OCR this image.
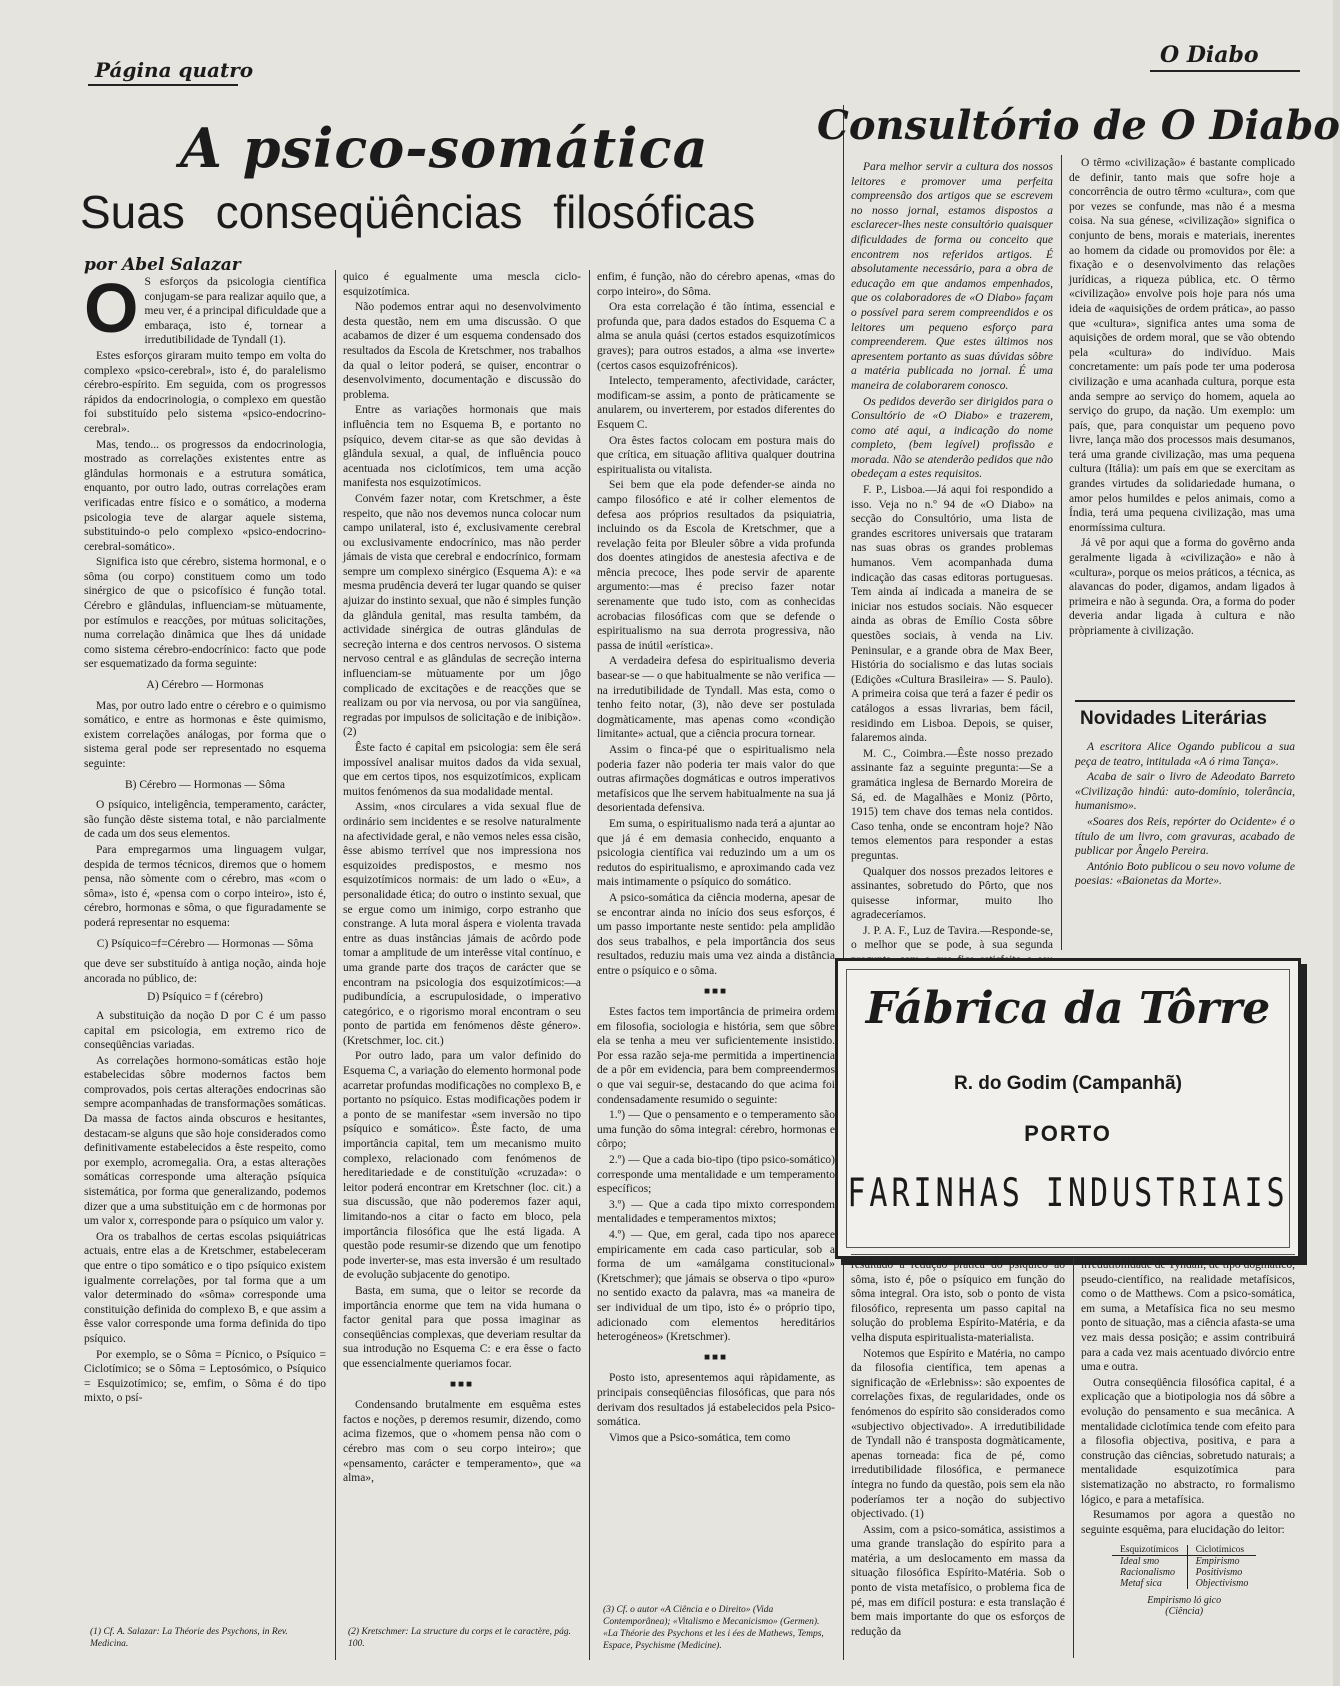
Página quatro
O Diabo
A psico-somática
Suas conseqüências filosóficas
por Abel Salazar
O S esforços da psicologia científica conjugam-se para realizar aquilo que, a meu ver, é a principal dificuldade que a embaraça, isto é, tornear a irredutibilidade de Tyndall (1).

Estes esforços giraram muito tempo em volta do complexo «psico-cerebral», isto é, do paralelismo cérebro-espírito. Em seguida, com os progressos rápidos da endocrinologia, o complexo em questão foi substituído pelo sistema «psico-endocrino-cerebral».

Mas, tendo... os progressos da endocrinologia, mostrado as correlações existentes entre as glândulas hormonais e a estrutura somática, enquanto, por outro lado, outras correlações eram verificadas entre físico e o somático, a moderna psicologia teve de alargar aquele sistema, substituindo-o pelo complexo «psico-endocrino-cerebral-somático».

Significa isto que cérebro, sistema hormonal, e o sôma (ou corpo) constituem como um todo sinérgico de que o psicofísico é função total. Cérebro e glândulas, influenciam-se mùtuamente, por estímulos e reacções, por mútuas solicitações, numa correlação dinâmica que lhes dá unidade como sistema cérebro-endocrínico: facto que pode ser esquematizado da forma seguinte:

A) Cérebro — Hormonas

Mas, por outro lado entre o cérebro e o quimismo somático, e entre as hormonas e êste quimismo, existem correlações análogas, por forma que o sistema geral pode ser representado no esquema seguinte:

B) Cérebro — Hormonas — Sôma

O psíquico, inteligência, temperamento, carácter, são função dêste sistema total, e não parcialmente de cada um dos seus elementos.

Para empregarmos uma linguagem vulgar, despida de termos técnicos, diremos que o homem pensa, não sòmente com o cérebro, mas «com o sôma», isto é, «pensa com o corpo inteiro», isto é, cérebro, hormonas e sôma, o que figuradamente se poderá representar no esquema:

C) Psíquico=f=Cérebro — Hormonas — Sôma

que deve ser substituído à antiga noção, ainda hoje ancorada no público, de:

D) Psíquico = f (cérebro)

A substituição da noção D por C é um passo capital em psicologia, em extremo rico de conseqüências variadas.

As correlações hormono-somáticas estão hoje estabelecidas sôbre modernos factos bem comprovados, pois certas alterações endocrinas são sempre acompanhadas de transformações somáticas. Da massa de factos ainda obscuros e hesitantes, destacam-se alguns que são hoje considerados como definitivamente estabelecidos a êste respeito, como por exemplo, acromegalia. Ora, a estas alterações somáticas corresponde uma alteração psíquica sistemática, por forma que generalizando, podemos dizer que a uma substituição em c de hormonas por um valor x, corresponde para o psíquico um valor y.

Ora os trabalhos de certas escolas psiquiátricas actuais, entre elas a de Kretschmer, estabeleceram que entre o tipo somático e o tipo psíquico existem igualmente correlações, por tal forma que a um valor determinado do «sôma» corresponde uma constituição definida do complexo B, e que assim a êsse valor corresponde uma forma definida do tipo psíquico.

Por exemplo, se o Sôma = Pícnico, o Psíquico = Ciclotímico; se o Sôma = Leptosómico, o Psíquico = Esquizotímico; se, emfim, o Sôma é do tipo mixto, o psí-

(1) Cf. A. Salazar: La Théorie des Psychons, in Rev. Medicina.

quico é egualmente uma mescla ciclo-esquizotímica.

Não podemos entrar aqui no desenvolvimento desta questão, nem em uma discussão. O que acabamos de dizer é um esquema condensado dos resultados da Escola de Kretschmer, nos trabalhos da qual o leitor poderá, se quiser, encontrar o desenvolvimento, documentação e discussão do problema.

Entre as variações hormonais que mais influência tem no Esquema B, e portanto no psíquico, devem citar-se as que são devidas à glândula sexual, a qual, de influência pouco acentuada nos ciclotímicos, tem uma acção manifesta nos esquizotímicos.

Convém fazer notar, com Kretschmer, a êste respeito, que não nos devemos nunca colocar num campo unilateral, isto é, exclusivamente cerebral ou exclusivamente endocrínico, mas não perder jámais de vista que cerebral e endocrínico, formam sempre um complexo sinérgico (Esquema A): e «a mesma prudência deverá ter lugar quando se quiser ajuizar do instinto sexual, que não é simples função da glândula genital, mas resulta também, da actividade sinérgica de outras glândulas de secreção interna e dos centros nervosos. O sistema nervoso central e as glândulas de secreção interna influenciam-se mùtuamente por um jôgo complicado de excitações e de reacções que se realizam ou por via nervosa, ou por via sangüínea, regradas por impulsos de solicitação e de inibição». (2)

Êste facto é capital em psicologia: sem êle será impossível analisar muitos dados da vida sexual, que em certos tipos, nos esquizotímicos, explicam muitos fenómenos da sua modalidade mental.

Assim, «nos circulares a vida sexual flue de ordinário sem incidentes e se resolve naturalmente na afectividade geral, e não vemos neles essa cisão, êsse abismo terrível que nos impressiona nos esquizoides predispostos, e mesmo nos esquizotímicos normais: de um lado o «Eu», a personalidade ética; do outro o instinto sexual, que se ergue como um inimigo, corpo estranho que constrange. A luta moral áspera e violenta travada entre as duas instâncias jámais de acôrdo pode tomar a amplitude de um interêsse vital contínuo, e uma grande parte dos traços de carácter que se encontram na psicologia dos esquizotímicos:—a pudibundícia, a escrupulosidade, o imperativo categórico, e o rigorismo moral encontram o seu ponto de partida em fenómenos dêste género». (Kretschmer, loc. cit.)

Por outro lado, para um valor definido do Esquema C, a variação do elemento hormonal pode acarretar profundas modificações no complexo B, e portanto no psíquico. Estas modificações podem ir a ponto de se manifestar «sem inversão no tipo psíquico e somático». Êste facto, de uma importância capital, tem um mecanismo muito complexo, relacionado com fenómenos de hereditariedade e de constituïção «cruzada»: o leitor poderá encontrar em Kretschner (loc. cit.) a sua discussão, que não poderemos fazer aqui, limitando-nos a citar o facto em bloco, pela importância filosófica que lhe está ligada. A questão pode resumir-se dizendo que um fenotipo pode inverter-se, mas esta inversão é um resultado de evolução subjacente do genotipo.

Basta, em suma, que o leitor se recorde da importância enorme que tem na vida humana o factor genital para que possa imaginar as conseqüências complexas, que deveriam resultar da sua introdução no Esquema C: e era êsse o facto que essencialmente queriamos focar.

■■■

Condensando brutalmente em esquêma estes factos e noções, p deremos resumir, dizendo, como acima fizemos, que o «homem pensa não com o cérebro mas com o seu corpo inteiro»; que «pensamento, carácter e temperamento», que «a alma»,

(2) Kretschmer: La structure du corps et le caractère, pág. 100.

enfim, é função, não do cérebro apenas, «mas do corpo inteiro», do Sôma.

Ora esta correlação é tão íntima, essencial e profunda que, para dados estados do Esquema C a alma se anula quási (certos estados esquizotímicos graves); para outros estados, a alma «se inverte» (certos casos esquizofrénicos).

Intelecto, temperamento, afectividade, carácter, modificam-se assim, a ponto de pràticamente se anularem, ou inverterem, por estados diferentes do Esquem C.

Ora êstes factos colocam em postura mais do que crítica, em situação aflitiva qualquer doutrina espiritualista ou vitalista.

Sei bem que ela pode defender-se ainda no campo filosófico e até ir colher elementos de defesa aos próprios resultados da psiquiatria, incluindo os da Escola de Kretschmer, que a revelação feita por Bleuler sôbre a vida profunda dos doentes atingidos de anestesia afectiva e de mência precoce, lhes pode servir de aparente argumento:—mas é preciso fazer notar serenamente que tudo isto, com as conhecidas acrobacias filosóficas com que se defende o espiritualismo na sua derrota progressiva, não passa de inútil «erística».

A verdadeira defesa do espiritualismo deveria basear-se — o que habitualmente se não verifica — na irredutibilidade de Tyndall. Mas esta, como o tenho feito notar, (3), não deve ser postulada dogmàticamente, mas apenas como «condição limitante» actual, que a ciência procura tornear.

Assim o finca-pé que o espiritualismo nela poderia fazer não poderia ter mais valor do que outras afirmações dogmáticas e outros imperativos metafísicos que lhe servem habitualmente na sua já desorientada defensiva.

Em suma, o espiritualismo nada terá a ajuntar ao que já é em demasia conhecido, enquanto a psicologia científica vai reduzindo um a um os redutos do espiritualismo, e aproximando cada vez mais intimamente o psíquico do somático.

A psico-somática da ciência moderna, apesar de se encontrar ainda no início dos seus esforços, é um passo importante neste sentido: pela amplidão dos seus trabalhos, e pela importância dos seus resultados, reduziu mais uma vez ainda a distância entre o psíquico e o sôma.

■■■

Estes factos tem importância de primeira ordem em filosofia, sociologia e história, sem que sôbre ela se tenha a meu ver suficientemente insistido. Por essa razão seja-me permitida a impertinencia de a pôr em evidencia, para bem compreendermos o que vai seguir-se, destacando do que acima foi condensadamente resumido o seguinte:

1.º) — Que o pensamento e o temperamento são uma função do sôma integral: cérebro, hormonas e côrpo;

2.º) — Que a cada bio-tipo (tipo psico-somático) corresponde uma mentalidade e um temperamento específicos;

3.º) — Que a cada tipo mixto correspondem mentalidades e temperamentos mixtos;

4.º) — Que, em geral, cada tipo nos aparece empiricamente em cada caso particular, sob a forma de um «amálgama constitucional» (Kretschmer); que jámais se observa o tipo «puro» no sentido exacto da palavra, mas «a maneira de ser individual de um tipo, isto é» o próprio tipo, adicionado com elementos hereditários heterogéneos» (Kretschmer).

■■■

Posto isto, apresentemos aqui ràpidamente, as principais conseqüências filosóficas, que para nós derivam dos resultados já estabelecidos pela Psico-somática.

Vimos que a Psico-somática, tem como

(3) Cf. o autor «A Ciência e o Direito» (Vida Contemporânea); «Vitalismo e Mecanicismo» (Germen). «La Théorie des Psychons et les i ées de Mathews, Temps, Espace, Psychisme (Medicine).
Consultório de O Diabo

Para melhor servir a cultura dos nossos leitores e promover uma perfeita compreensão dos artigos que se escrevem no nosso jornal, estamos dispostos a esclarecer-lhes neste consultório quaisquer dificuldades de forma ou conceito que encontrem nos referidos artigos. É absolutamente necessário, para a obra de educação em que andamos empenhados, que os colaboradores de «O Diabo» façam o possível para serem compreendidos e os leitores um pequeno esforço para compreenderem. Que estes últimos nos apresentem portanto as suas dúvidas sôbre a matéria publicada no jornal. É uma maneira de colaborarem conosco.

Os pedidos deverão ser dirigidos para o Consultório de «O Diabo» e trazerem, como até aqui, a indicação do nome completo, (bem legível) profissão e morada. Não se atenderão pedidos que não obedeçam a estes requisitos.

F. P., Lisboa.—Já aqui foi respondido a isso. Veja no n.º 94 de «O Diabo» na secção do Consultório, uma lista de grandes escritores universais que trataram nas suas obras os grandes problemas humanos. Vem acompanhada duma indicação das casas editoras portuguesas. Tem ainda aí indicada a maneira de se iniciar nos estudos sociais. Não esquecer ainda as obras de Emílio Costa sôbre questões sociais, à venda na Liv. Peninsular, e a grande obra de Max Beer, História do socialismo e das lutas sociais (Edições «Cultura Brasileira» — S. Paulo). A primeira coisa que terá a fazer é pedir os catálogos a essas livrarias, bem fácil, residindo em Lisboa. Depois, se quiser, falaremos ainda.

M. C., Coimbra.—Êste nosso prezado assinante faz a seguinte pregunta:—Se a gramática inglesa de Bernardo Moreira de Sá, ed. de Magalhães e Moniz (Pôrto, 1915) tem chave dos temas nela contidos. Caso tenha, onde se encontram hoje? Não temos elementos para responder a estas preguntas.

Qualquer dos nossos prezados leitores e assinantes, sobretudo do Pôrto, que nos quisesse informar, muito lho agradeceríamos.

J. P. A. F., Luz de Tavira.—Responde-se, o melhor que se pode, à sua segunda

O têrmo «civilização» é bastante complicado de definir, tanto mais que sofre hoje a concorrência de outro têrmo «cultura», com que por vezes se confunde, mas não é a mesma coisa. Na sua génese, «civilização» significa o conjunto de bens, morais e materiais, inerentes ao homem da cidade ou promovidos por êle: a fixação e o desenvolvimento das relações jurídicas, a riqueza pública, etc. O têrmo «civilização» envolve pois hoje para nós uma ideia de «aquisições de ordem prática», ao passo que «cultura», significa antes uma soma de aquisições de ordem moral, que se vão obtendo pela «cultura» do indivíduo. Mais concretamente: um país pode ter uma poderosa civilização e uma acanhada cultura, porque esta anda sempre ao serviço do homem, aquela ao serviço do grupo, da nação. Um exemplo: um país, que, para conquistar um pequeno povo livre, lança mão dos processos mais desumanos, terá uma grande civilização, mas uma pequena cultura (Itália): um país em que se exercitam as grandes virtudes da solidariedade humana, o amor pelos humildes e pelos animais, como a Índia, terá uma pequena civilização, mas uma enormíssima cultura.

Já vê por aqui que a forma do govêrno anda geralmente ligada à «civilização» e não à «cultura», porque os meios práticos, a técnica, as alavancas do poder, digamos, andam ligados à primeira e não à segunda. Ora, a forma do poder deveria andar ligada à cultura e não pròpriamente à civilização.

Novidades Literárias

A escritora Alice Ogando publicou a sua peça de teatro, intitulada «A ó rima Tança».

Acaba de sair o livro de Adeodato Barreto «Civilização hindú: auto-domínio, tolerância, humanismo».

«Soares dos Reis, repórter do Ocidente» é o título de um livro, com gravuras, acabado de publicar por Ângelo Pereira.

António Boto publicou o seu novo volume de poesias: «Baionetas da Morte».

Fábrica da Tôrre
R. do Godim (Campanhã)
PORTO
FARINHAS INDUSTRIAIS

resultado a redução prática do psíquico ao sôma, isto é, pôe o psíquico em função do sôma integral. Ora isto, sob o ponto de vista filosófico, representa um passo capital na solução do problema Espírito-Matéria, e da velha disputa espiritualista-materialista.

Notemos que Espírito e Matéria, no campo da filosofia científica, tem apenas a significação de «Erlebniss»: são expoentes de correlações fixas, de regularidades, onde os fenómenos do espírito são considerados como «subjectivo objectivado». A irredutibilidade de Tyndall não é transposta dogmàticamente, apenas torneada: fica de pé, como irredutibilidade filosófica, e permanece íntegra no fundo da questão, pois sem ela não poderíamos ter a noção do subjectivo objectivado. (1)

Assim, com a psico-somática, assistimos a uma grande translação do espírito para a matéria, a um deslocamento em massa da situação filosófica Espírito-Matéria. Sob o ponto de vista metafísico, o problema fica de pé, mas em difícil postura: e esta translação é bem mais importante do que os esforços de redução da

irredutibilidade de Tyndall, de tipo dogmático, pseudo-científico, na realidade metafísicos, como o de Matthews. Com a psico-somática, em suma, a Metafísica fica no seu mesmo ponto de situação, mas a ciência afasta-se uma vez mais dessa posição; e assim contribuirá para a cada vez mais acentuado divórcio entre uma e outra.

Outra conseqüência filosófica capital, é a explicação que a biotipologia nos dá sôbre a evolução do pensamento e sua mecânica. A mentalidade ciclotímica tende com efeito para a filosofia objectiva, positiva, e para a construção das ciências, sobretudo naturais; a mentalidade esquizotímica para sistematização no abstracto, ro formalismo lógico, e para a metafísica.

Resumamos por agora a questão no seguinte esquêma, para elucidação do leitor:

Esquizotímicos	Ciclotímicos
Ideal smo	Empirismo
Racionalismo	Positivismo
Metaf sica	Objectivismo
Empirismo ló gico
(Ciência)
